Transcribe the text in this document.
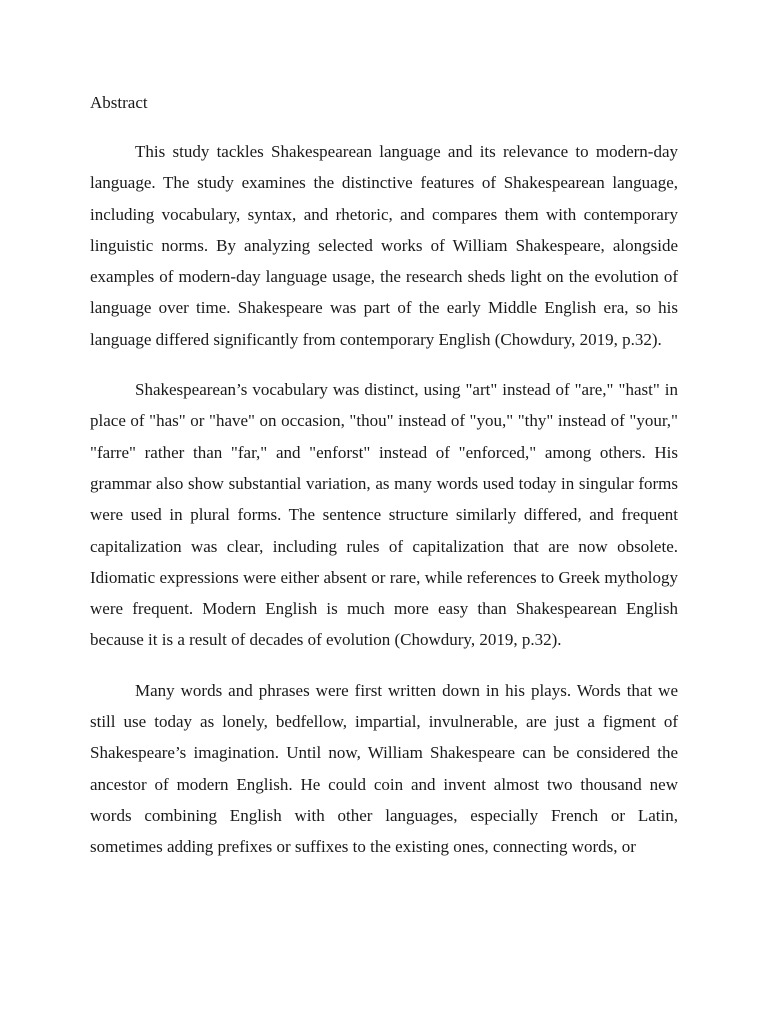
Abstract

This study tackles Shakespearean language and its relevance to modern-day language. The study examines the distinctive features of Shakespearean language, including vocabulary, syntax, and rhetoric, and compares them with contemporary linguistic norms. By analyzing selected works of William Shakespeare, alongside examples of modern-day language usage, the research sheds light on the evolution of language over time. Shakespeare was part of the early Middle English era, so his language differed significantly from contemporary English (Chowdury, 2019, p.32).

Shakespearean’s vocabulary was distinct, using "art" instead of "are," "hast" in place of "has" or "have" on occasion, "thou" instead of "you," "thy" instead of "your," "farre" rather than "far," and "enforst" instead of "enforced," among others. His grammar also show substantial variation, as many words used today in singular forms were used in plural forms. The sentence structure similarly differed, and frequent capitalization was clear, including rules of capitalization that are now obsolete. Idiomatic expressions were either absent or rare, while references to Greek mythology were frequent. Modern English is much more easy than Shakespearean English because it is a result of decades of evolution (Chowdury, 2019, p.32).

Many words and phrases were first written down in his plays. Words that we still use today as lonely, bedfellow, impartial, invulnerable, are just a figment of Shakespeare’s imagination. Until now, William Shakespeare can be considered the ancestor of modern English. He could coin and invent almost two thousand new words combining English with other languages, especially French or Latin, sometimes adding prefixes or suffixes to the existing ones, connecting words, or
